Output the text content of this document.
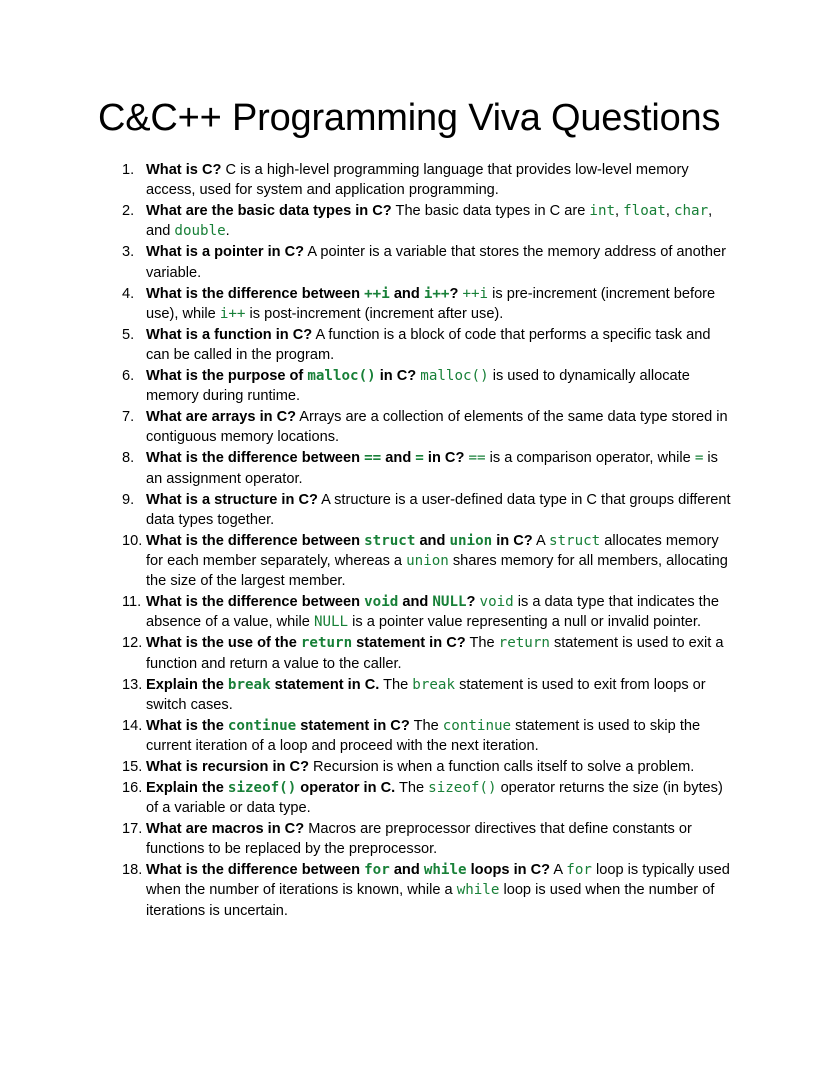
C&C++ Programming Viva Questions
1. What is C? C is a high-level programming language that provides low-level memory access, used for system and application programming.
2. What are the basic data types in C? The basic data types in C are int, float, char, and double.
3. What is a pointer in C? A pointer is a variable that stores the memory address of another variable.
4. What is the difference between ++i and i++? ++i is pre-increment (increment before use), while i++ is post-increment (increment after use).
5. What is a function in C? A function is a block of code that performs a specific task and can be called in the program.
6. What is the purpose of malloc() in C? malloc() is used to dynamically allocate memory during runtime.
7. What are arrays in C? Arrays are a collection of elements of the same data type stored in contiguous memory locations.
8. What is the difference between == and = in C? == is a comparison operator, while = is an assignment operator.
9. What is a structure in C? A structure is a user-defined data type in C that groups different data types together.
10. What is the difference between struct and union in C? A struct allocates memory for each member separately, whereas a union shares memory for all members, allocating the size of the largest member.
11. What is the difference between void and NULL? void is a data type that indicates the absence of a value, while NULL is a pointer value representing a null or invalid pointer.
12. What is the use of the return statement in C? The return statement is used to exit a function and return a value to the caller.
13. Explain the break statement in C. The break statement is used to exit from loops or switch cases.
14. What is the continue statement in C? The continue statement is used to skip the current iteration of a loop and proceed with the next iteration.
15. What is recursion in C? Recursion is when a function calls itself to solve a problem.
16. Explain the sizeof() operator in C. The sizeof() operator returns the size (in bytes) of a variable or data type.
17. What are macros in C? Macros are preprocessor directives that define constants or functions to be replaced by the preprocessor.
18. What is the difference between for and while loops in C? A for loop is typically used when the number of iterations is known, while a while loop is used when the number of iterations is uncertain.
